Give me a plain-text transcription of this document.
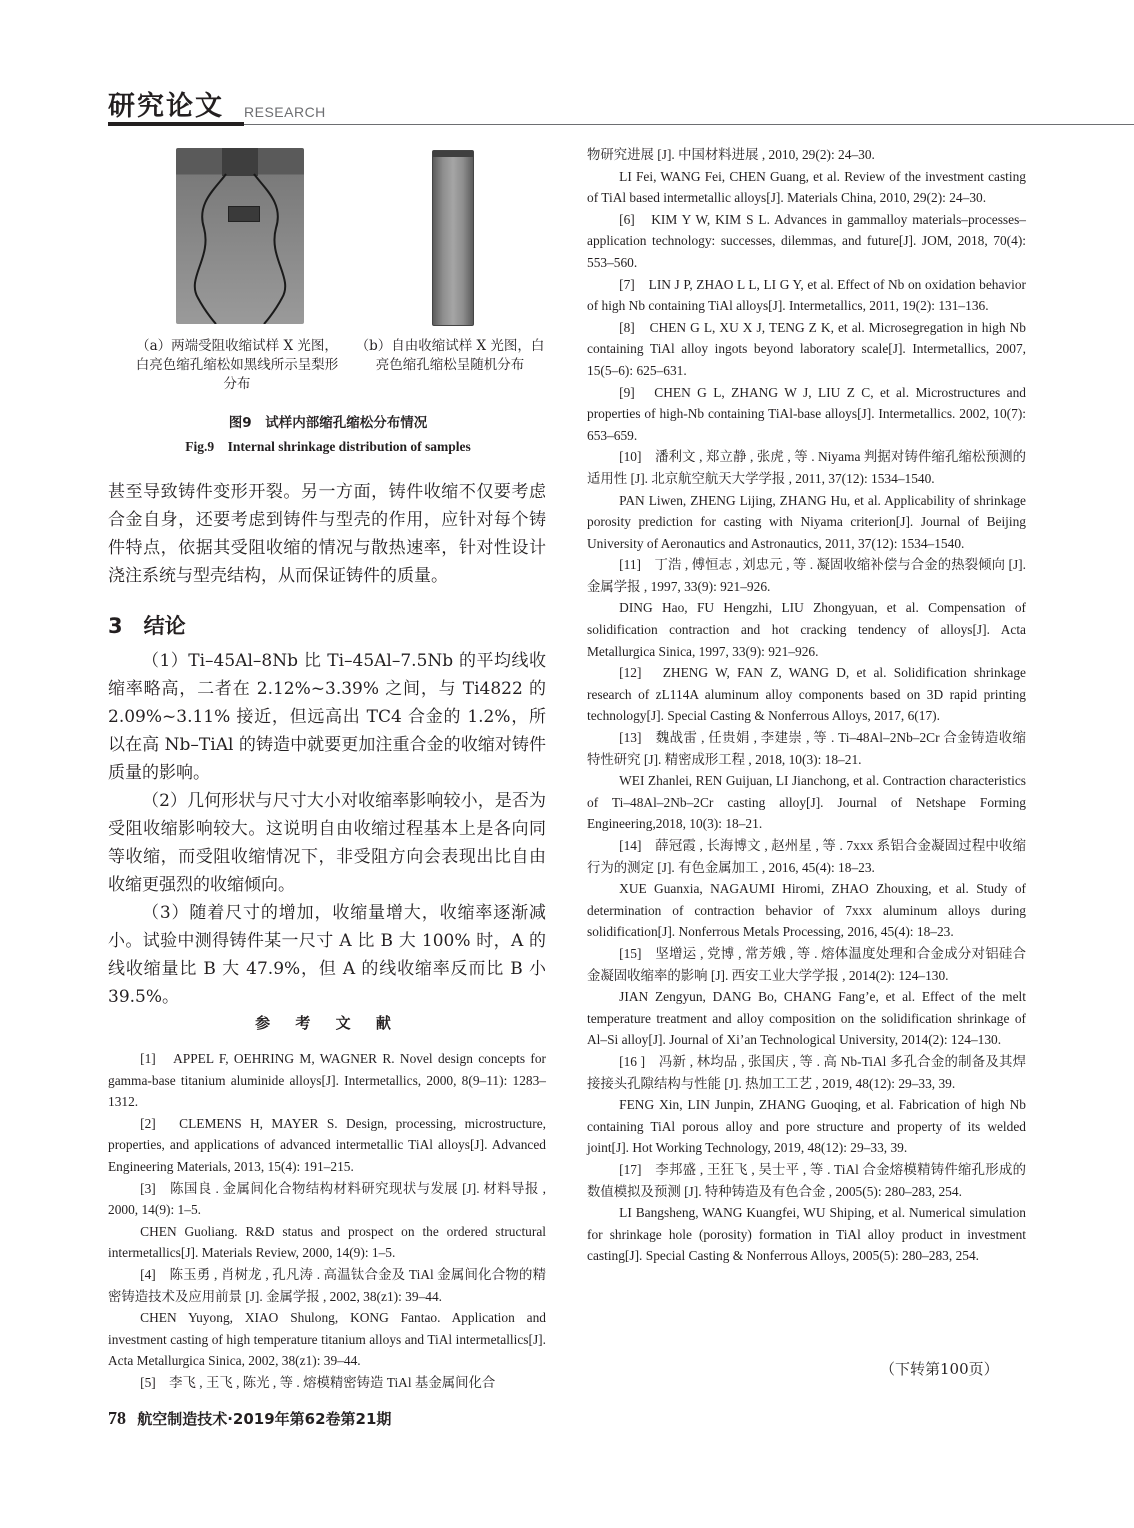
研究论文 RESEARCH
（a）两端受阻收缩试样 X 光图，白亮色缩孔缩松如黑线所示呈梨形分布
（b）自由收缩试样 X 光图，白亮色缩孔缩松呈随机分布
图9　试样内部缩孔缩松分布情况
Fig.9　Internal shrinkage distribution of samples

甚至导致铸件变形开裂。另一方面，铸件收缩不仅要考虑合金自身，还要考虑到铸件与型壳的作用，应针对每个铸件特点，依据其受阻收缩的情况与散热速率，针对性设计浇注系统与型壳结构，从而保证铸件的质量。

3　结论

（1）Ti–45Al–8Nb 比 Ti–45Al–7.5Nb 的平均线收缩率略高，二者在 2.12%~3.39% 之间，与 Ti4822 的 2.09%~3.11% 接近，但远高出 TC4 合金的 1.2%，所以在高 Nb–TiAl 的铸造中就要更加注重合金的收缩对铸件质量的影响。

（2）几何形状与尺寸大小对收缩率影响较小，是否为受阻收缩影响较大。这说明自由收缩过程基本上是各向同等收缩，而受阻收缩情况下，非受阻方向会表现出比自由收缩更强烈的收缩倾向。

（3）随着尺寸的增加，收缩量增大，收缩率逐渐减小。试验中测得铸件某一尺寸 A 比 B 大 100% 时，A 的线收缩量比 B 大 47.9%，但 A 的线收缩率反而比 B 小 39.5%。

参 考 文 献

[1]　APPEL F, OEHRING M, WAGNER R. Novel design concepts for gamma-base titanium aluminide alloys[J]. Intermetallics, 2000, 8(9–11): 1283–1312.

[2]　CLEMENS H, MAYER S. Design, processing, microstructure, properties, and applications of advanced intermetallic TiAl alloys[J]. Advanced Engineering Materials, 2013, 15(4): 191–215.

[3]　陈国良 . 金属间化合物结构材料研究现状与发展 [J]. 材料导报 , 2000, 14(9): 1–5.

CHEN Guoliang. R&D status and prospect on the ordered structural intermetallics[J]. Materials Review, 2000, 14(9): 1–5.

[4]　陈玉勇 , 肖树龙 , 孔凡涛 . 高温钛合金及 TiAl 金属间化合物的精密铸造技术及应用前景 [J]. 金属学报 , 2002, 38(z1): 39–44.

CHEN Yuyong, XIAO Shulong, KONG Fantao. Application and investment casting of high temperature titanium alloys and TiAl intermetallics[J]. Acta Metallurgica Sinica, 2002, 38(z1): 39–44.

[5]　李飞 , 王飞 , 陈光 , 等 . 熔模精密铸造 TiAl 基金属间化合

物研究进展 [J]. 中国材料进展 , 2010, 29(2): 24–30.

LI Fei, WANG Fei, CHEN Guang, et al. Review of the investment casting of TiAl based intermetallic alloys[J]. Materials China, 2010, 29(2): 24–30.

[6]　KIM Y W, KIM S L. Advances in gammalloy materials–processes–application technology: successes, dilemmas, and future[J]. JOM, 2018, 70(4): 553–560.

[7]　LIN J P, ZHAO L L, LI G Y, et al. Effect of Nb on oxidation behavior of high Nb containing TiAl alloys[J]. Intermetallics, 2011, 19(2): 131–136.

[8]　CHEN G L, XU X J, TENG Z K, et al. Microsegregation in high Nb containing TiAl alloy ingots beyond laboratory scale[J]. Intermetallics, 2007, 15(5–6): 625–631.

[9]　CHEN G L, ZHANG W J, LIU Z C, et al. Microstructures and properties of high-Nb containing TiAl-base alloys[J]. Intermetallics. 2002, 10(7): 653–659.

[10]　潘利文 , 郑立静 , 张虎 , 等 . Niyama 判据对铸件缩孔缩松预测的适用性 [J]. 北京航空航天大学学报 , 2011, 37(12): 1534–1540.

PAN Liwen, ZHENG Lijing, ZHANG Hu, et al. Applicability of shrinkage porosity prediction for casting with Niyama criterion[J]. Journal of Beijing University of Aeronautics and Astronautics, 2011, 37(12): 1534–1540.

[11]　丁浩 , 傅恒志 , 刘忠元 , 等 . 凝固收缩补偿与合金的热裂倾向 [J]. 金属学报 , 1997, 33(9): 921–926.

DING Hao, FU Hengzhi, LIU Zhongyuan, et al. Compensation of solidification contraction and hot cracking tendency of alloys[J]. Acta Metallurgica Sinica, 1997, 33(9): 921–926.

[12]　ZHENG W, FAN Z, WANG D, et al. Solidification shrinkage research of zL114A aluminum alloy components based on 3D rapid printing technology[J]. Special Casting & Nonferrous Alloys, 2017, 6(17).

[13]　魏战雷 , 任贵娟 , 李建崇 , 等 . Ti–48Al–2Nb–2Cr 合金铸造收缩特性研究 [J]. 精密成形工程 , 2018, 10(3): 18–21.

WEI Zhanlei, REN Guijuan, LI Jianchong, et al. Contraction characteristics of Ti–48Al–2Nb–2Cr casting alloy[J]. Journal of Netshape Forming Engineering,2018, 10(3): 18–21.

[14]　薛冠霞 , 长海博文 , 赵州星 , 等 . 7xxx 系铝合金凝固过程中收缩行为的测定 [J]. 有色金属加工 , 2016, 45(4): 18–23.

XUE Guanxia, NAGAUMI Hiromi, ZHAO Zhouxing, et al. Study of determination of contraction behavior of 7xxx aluminum alloys during solidification[J]. Nonferrous Metals Processing, 2016, 45(4): 18–23.

[15]　坚增运 , 党博 , 常芳娥 , 等 . 熔体温度处理和合金成分对铝硅合金凝固收缩率的影响 [J]. 西安工业大学学报 , 2014(2): 124–130.

JIAN Zengyun, DANG Bo, CHANG Fang’e, et al. Effect of the melt temperature treatment and alloy composition on the solidification shrinkage of Al–Si alloy[J]. Journal of Xi’an Technological University, 2014(2): 124–130.

[16 ]　冯新 , 林均品 , 张国庆 , 等 . 高 Nb-TiAl 多孔合金的制备及其焊接接头孔隙结构与性能 [J]. 热加工工艺 , 2019, 48(12): 29–33, 39.

FENG Xin, LIN Junpin, ZHANG Guoqing, et al. Fabrication of high Nb containing TiAl porous alloy and pore structure and property of its welded joint[J]. Hot Working Technology, 2019, 48(12): 29–33, 39.

[17]　李邦盛 , 王狂飞 , 吴士平 , 等 . TiAl 合金熔模精铸件缩孔形成的数值模拟及预测 [J]. 特种铸造及有色合金 , 2005(5): 280–283, 254.

LI Bangsheng, WANG Kuangfei, WU Shiping, et al. Numerical simulation for shrinkage hole (porosity) formation in TiAl alloy product in investment casting[J]. Special Casting & Nonferrous Alloys, 2005(5): 280–283, 254.

（下转第100页）
78 航空制造技术·2019年第62卷第21期
